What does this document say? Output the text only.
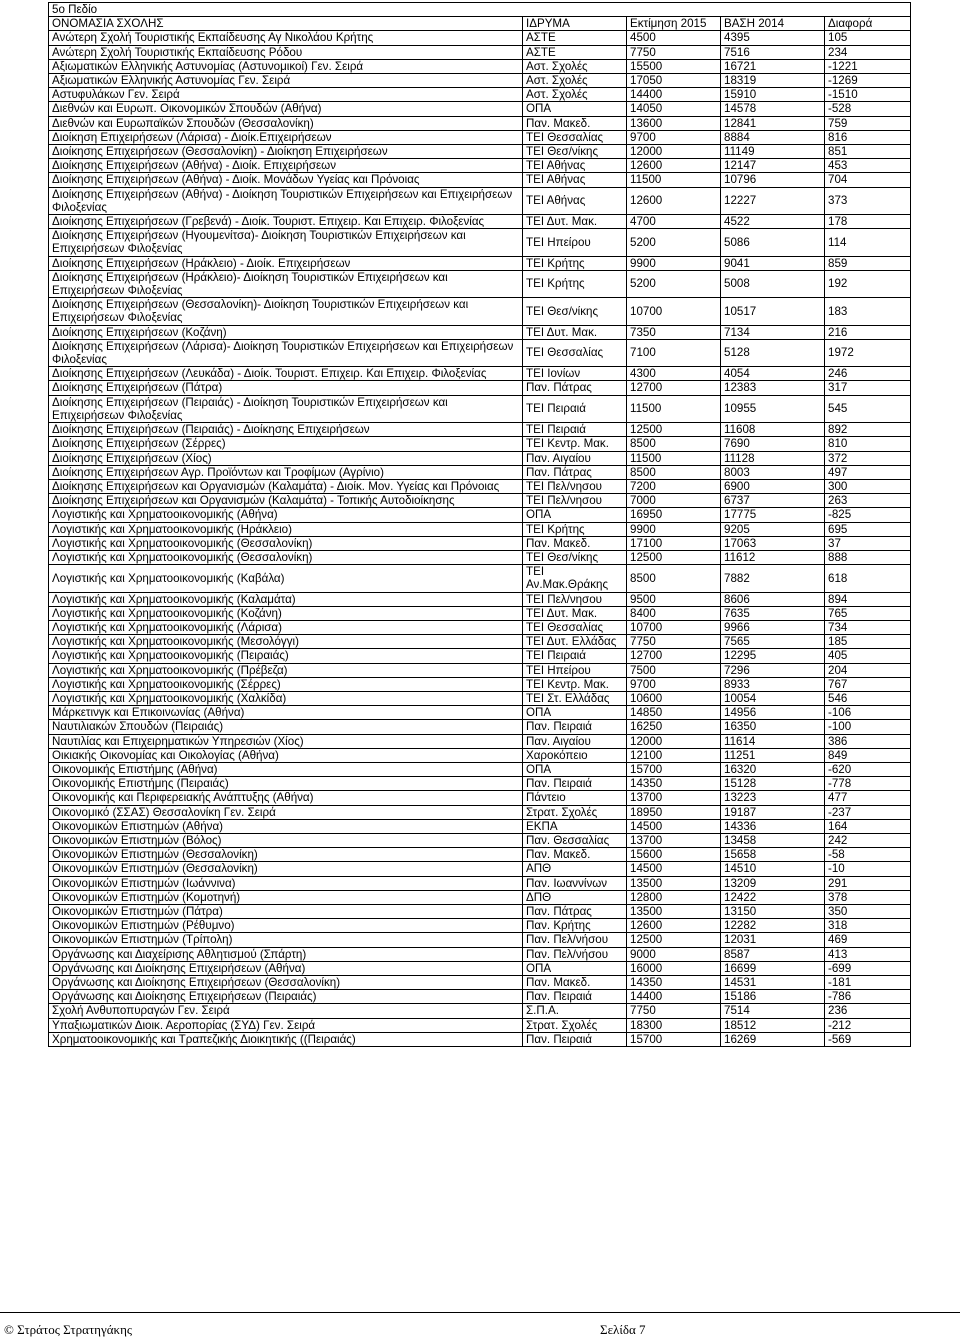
5ο Πεδίο				
ΟΝΟΜΑΣΙΑ ΣΧΟΛΗΣ	ΙΔΡΥΜΑ	Εκτίμηση 2015	ΒΑΣΗ 2014	Διαφορά
Ανώτερη Σχολή Τουριστικής Εκπαίδευσης Αγ Νικολάου Κρήτης	ΑΣΤΕ	4500	4395	105
Ανώτερη Σχολή Τουριστικής Εκπαίδευσης Ρόδου	ΑΣΤΕ	7750	7516	234
Αξιωματικών Ελληνικής Αστυνομίας (Αστυνομικοί) Γεν. Σειρά	Αστ. Σχολές	15500	16721	-1221
Αξιωματικών Ελληνικής Αστυνομίας Γεν. Σειρά	Αστ. Σχολές	17050	18319	-1269
Αστυφυλάκων Γεν. Σειρά	Αστ. Σχολές	14400	15910	-1510
Διεθνών και Ευρωπ. Οικονομικών Σπουδών (Αθήνα)	ΟΠΑ	14050	14578	-528
Διεθνών και Ευρωπαϊκών Σπουδών (Θεσσαλονίκη)	Παν. Μακεδ.	13600	12841	759
Διοίκηση Επιχειρήσεων (Λάρισα) - Διοίκ.Επιχειρήσεων	ΤΕΙ Θεσσαλίας	9700	8884	816
Διοίκησης Επιχειρήσεων (Θεσσαλονίκη) - Διοίκηση Επιχειρήσεων	ΤΕΙ Θεσ/νίκης	12000	11149	851
Διοίκησης Επιχειρήσεων (Αθήνα) - Διοίκ. Επιχειρήσεων	ΤΕΙ Αθήνας	12600	12147	453
Διοίκησης Επιχειρήσεων (Αθήνα) - Διοίκ. Μονάδων Υγείας και Πρόνοιας	ΤΕΙ Αθήνας	11500	10796	704
Διοίκησης Επιχειρήσεων (Αθήνα) - Διοίκηση Τουριστικών Επιχειρήσεων και Επιχειρήσεων Φιλοξενίας	ΤΕΙ Αθήνας	12600	12227	373
Διοίκησης Επιχειρήσεων (Γρεβενά) - Διοίκ. Τουριστ. Επιχειρ. Και Επιχειρ. Φιλοξενίας	ΤΕΙ Δυτ. Μακ.	4700	4522	178
Διοίκησης Επιχειρήσεων (Ηγουμενίτσα)- Διοίκηση Τουριστικών Επιχειρήσεων και Επιχειρήσεων Φιλοξενίας	ΤΕΙ Ηπείρου	5200	5086	114
Διοίκησης Επιχειρήσεων (Ηράκλειο) - Διοίκ. Επιχειρήσεων	ΤΕΙ Κρήτης	9900	9041	859
Διοίκησης Επιχειρήσεων (Ηράκλειο)- Διοίκηση Τουριστικών Επιχειρήσεων και Επιχειρήσεων Φιλοξενίας	ΤΕΙ Κρήτης	5200	5008	192
Διοίκησης Επιχειρήσεων (Θεσσαλονίκη)- Διοίκηση Τουριστικών Επιχειρήσεων και Επιχειρήσεων Φιλοξενίας	ΤΕΙ Θεσ/νίκης	10700	10517	183
Διοίκησης Επιχειρήσεων (Κοζάνη)	ΤΕΙ Δυτ. Μακ.	7350	7134	216
Διοίκησης Επιχειρήσεων (Λάρισα)- Διοίκηση Τουριστικών Επιχειρήσεων και Επιχειρήσεων Φιλοξενίας	ΤΕΙ Θεσσαλίας	7100	5128	1972
Διοίκησης Επιχειρήσεων (Λευκάδα) - Διοίκ. Τουριστ. Επιχειρ. Και Επιχειρ. Φιλοξενίας	ΤΕΙ Ιονίων	4300	4054	246
Διοίκησης Επιχειρήσεων (Πάτρα)	Παν. Πάτρας	12700	12383	317
Διοίκησης Επιχειρήσεων (Πειραιάς) - Διοίκηση Τουριστικών Επιχειρήσεων και Επιχειρήσεων Φιλοξενίας	ΤΕΙ Πειραιά	11500	10955	545
Διοίκησης Επιχειρήσεων (Πειραιάς) - Διοίκησης Επιχειρήσεων	ΤΕΙ Πειραιά	12500	11608	892
Διοίκησης Επιχειρήσεων (Σέρρες)	ΤΕΙ Κεντρ. Μακ.	8500	7690	810
Διοίκησης Επιχειρήσεων (Χίος)	Παν. Αιγαίου	11500	11128	372
Διοίκησης Επιχειρήσεων Αγρ. Προϊόντων και Τροφίμων (Αγρίνιο)	Παν. Πάτρας	8500	8003	497
Διοίκησης Επιχειρήσεων και Οργανισμών (Καλαμάτα) - Διοίκ. Μον. Υγείας και Πρόνοιας	ΤΕΙ Πελ/νησου	7200	6900	300
Διοίκησης Επιχειρήσεων και Οργανισμών (Καλαμάτα) - Τοπικής Αυτοδιοίκησης	ΤΕΙ Πελ/νησου	7000	6737	263
Λογιστικής και Χρηματοοικονομικής (Αθήνα)	ΟΠΑ	16950	17775	-825
Λογιστικής και Χρηματοοικονομικής (Ηράκλειο)	ΤΕΙ Κρήτης	9900	9205	695
Λογιστικής και Χρηματοοικονομικής (Θεσσαλονίκη)	Παν. Μακεδ.	17100	17063	37
Λογιστικής και Χρηματοοικονομικής (Θεσσαλονίκη)	ΤΕΙ Θεσ/νίκης	12500	11612	888
Λογιστικής και Χρηματοοικονομικής (Καβάλα)	ΤΕΙ Αν.Μακ.Θράκης	8500	7882	618
Λογιστικής και Χρηματοοικονομικής (Καλαμάτα)	ΤΕΙ Πελ/νησου	9500	8606	894
Λογιστικής και Χρηματοοικονομικής (Κοζάνη)	ΤΕΙ Δυτ. Μακ.	8400	7635	765
Λογιστικής και Χρηματοοικονομικής (Λάρισα)	ΤΕΙ Θεσσαλίας	10700	9966	734
Λογιστικής και Χρηματοοικονομικής (Μεσολόγγι)	ΤΕΙ Δυτ. Ελλάδας	7750	7565	185
Λογιστικής και Χρηματοοικονομικής (Πειραιάς)	ΤΕΙ Πειραιά	12700	12295	405
Λογιστικής και Χρηματοοικονομικής (Πρέβεζα)	ΤΕΙ Ηπείρου	7500	7296	204
Λογιστικής και Χρηματοοικονομικής (Σέρρες)	ΤΕΙ Κεντρ. Μακ.	9700	8933	767
Λογιστικής και Χρηματοοικονομικής (Χαλκίδα)	ΤΕΙ Στ. Ελλάδας	10600	10054	546
Μάρκετινγκ και Επικοινωνίας (Αθήνα)	ΟΠΑ	14850	14956	-106
Ναυτιλιακών Σπουδών (Πειραιάς)	Παν. Πειραιά	16250	16350	-100
Ναυτιλίας και Επιχειρηματικών Υπηρεσιών (Χίος)	Παν. Αιγαίου	12000	11614	386
Οικιακής Οικονομίας και Οικολογίας (Αθήνα)	Χαροκόπειο	12100	11251	849
Οικονομικής Επιστήμης (Αθήνα)	ΟΠΑ	15700	16320	-620
Οικονομικής Επιστήμης (Πειραιάς)	Παν. Πειραιά	14350	15128	-778
Οικονομικής και Περιφερειακής Ανάπτυξης (Αθήνα)	Πάντειο	13700	13223	477
Οικονομικό (ΣΣΑΣ) Θεσσαλονίκη Γεν. Σειρά	Στρατ. Σχολές	18950	19187	-237
Οικονομικών Επιστημών (Αθήνα)	ΕΚΠΑ	14500	14336	164
Οικονομικών Επιστημών (Βόλος)	Παν. Θεσσαλίας	13700	13458	242
Οικονομικών Επιστημών (Θεσσαλονίκη)	Παν. Μακεδ.	15600	15658	-58
Οικονομικών Επιστημών (Θεσσαλονίκη)	ΑΠΘ	14500	14510	-10
Οικονομικών Επιστημών (Ιωάννινα)	Παν. Ιωαννίνων	13500	13209	291
Οικονομικών Επιστημών (Κομοτηνή)	ΔΠΘ	12800	12422	378
Οικονομικών Επιστημών (Πάτρα)	Παν. Πάτρας	13500	13150	350
Οικονομικών Επιστημών (Ρέθυμνο)	Παν. Κρήτης	12600	12282	318
Οικονομικών Επιστημών (Τρίπολη)	Παν. Πελ/νήσου	12500	12031	469
Οργάνωσης και Διαχείρισης Αθλητισμού (Σπάρτη)	Παν. Πελ/νήσου	9000	8587	413
Οργάνωσης και Διοίκησης Επιχειρήσεων (Αθήνα)	ΟΠΑ	16000	16699	-699
Οργάνωσης και Διοίκησης Επιχειρήσεων (Θεσσαλονίκη)	Παν. Μακεδ.	14350	14531	-181
Οργάνωσης και Διοίκησης Επιχειρήσεων (Πειραιάς)	Παν. Πειραιά	14400	15186	-786
Σχολή Ανθυποπυραγών Γεν. Σειρά	Σ.Π.Α.	7750	7514	236
Υπαξιωματικών Διοικ. Αεροπορίας (ΣΥΔ) Γεν. Σειρά	Στρατ. Σχολές	18300	18512	-212
Χρηματοοικονομικής και Τραπεζικής Διοικητικής ((Πειραιάς)	Παν. Πειραιά	15700	16269	-569
© Στράτος Στρατηγάκης	Σελίδα 7
